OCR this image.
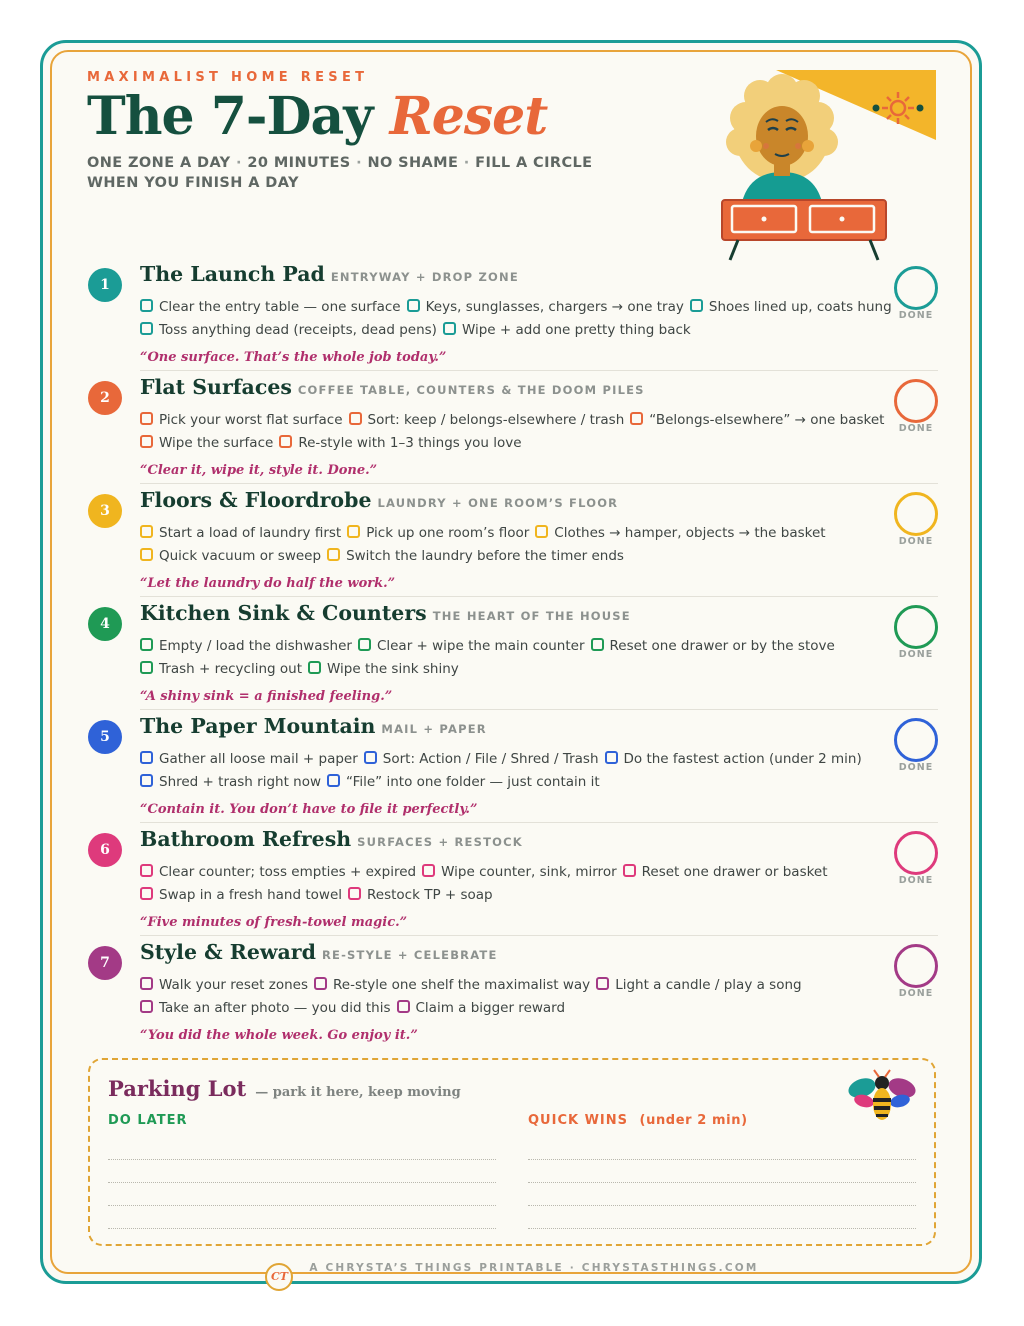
MAXIMALIST HOME RESET
The 7-Day Reset
ONE ZONE A DAY · 20 MINUTES · NO SHAME · FILL A CIRCLE
WHEN YOU FINISH A DAY
1	The Launch Pad ENTRYWAY + DROP ZONE
Clear the entry table — one surface Keys, sunglasses, chargers → one tray Shoes lined up, coats hung
Toss anything dead (receipts, dead pens) Wipe + add one pretty thing back
“One surface. That’s the whole job today.”
DONE
2	Flat Surfaces COFFEE TABLE, COUNTERS & THE DOOM PILES
Pick your worst flat surface Sort: keep / belongs-elsewhere / trash “Belongs-elsewhere” → one basket
Wipe the surface Re-style with 1–3 things you love
“Clear it, wipe it, style it. Done.”
DONE
3	Floors & Floordrobe LAUNDRY + ONE ROOM’S FLOOR
Start a load of laundry first Pick up one room’s floor Clothes → hamper, objects → the basket
Quick vacuum or sweep Switch the laundry before the timer ends
“Let the laundry do half the work.”
DONE
4	Kitchen Sink & Counters THE HEART OF THE HOUSE
Empty / load the dishwasher Clear + wipe the main counter Reset one drawer or by the stove
Trash + recycling out Wipe the sink shiny
“A shiny sink = a finished feeling.”
DONE
5	The Paper Mountain MAIL + PAPER
Gather all loose mail + paper Sort: Action / File / Shred / Trash Do the fastest action (under 2 min)
Shred + trash right now “File” into one folder — just contain it
“Contain it. You don’t have to file it perfectly.”
DONE
6	Bathroom Refresh SURFACES + RESTOCK
Clear counter; toss empties + expired Wipe counter, sink, mirror Reset one drawer or basket
Swap in a fresh hand towel Restock TP + soap
“Five minutes of fresh-towel magic.”
DONE
7	Style & Reward RE-STYLE + CELEBRATE
Walk your reset zones Re-style one shelf the maximalist way Light a candle / play a song
Take an after photo — you did this Claim a bigger reward
“You did the whole week. Go enjoy it.”
DONE
Parking Lot — park it here, keep moving
DO LATER	QUICK WINS (under 2 min)
CT A CHRYSTA’S THINGS PRINTABLE · CHRYSTASTHINGS.COM
